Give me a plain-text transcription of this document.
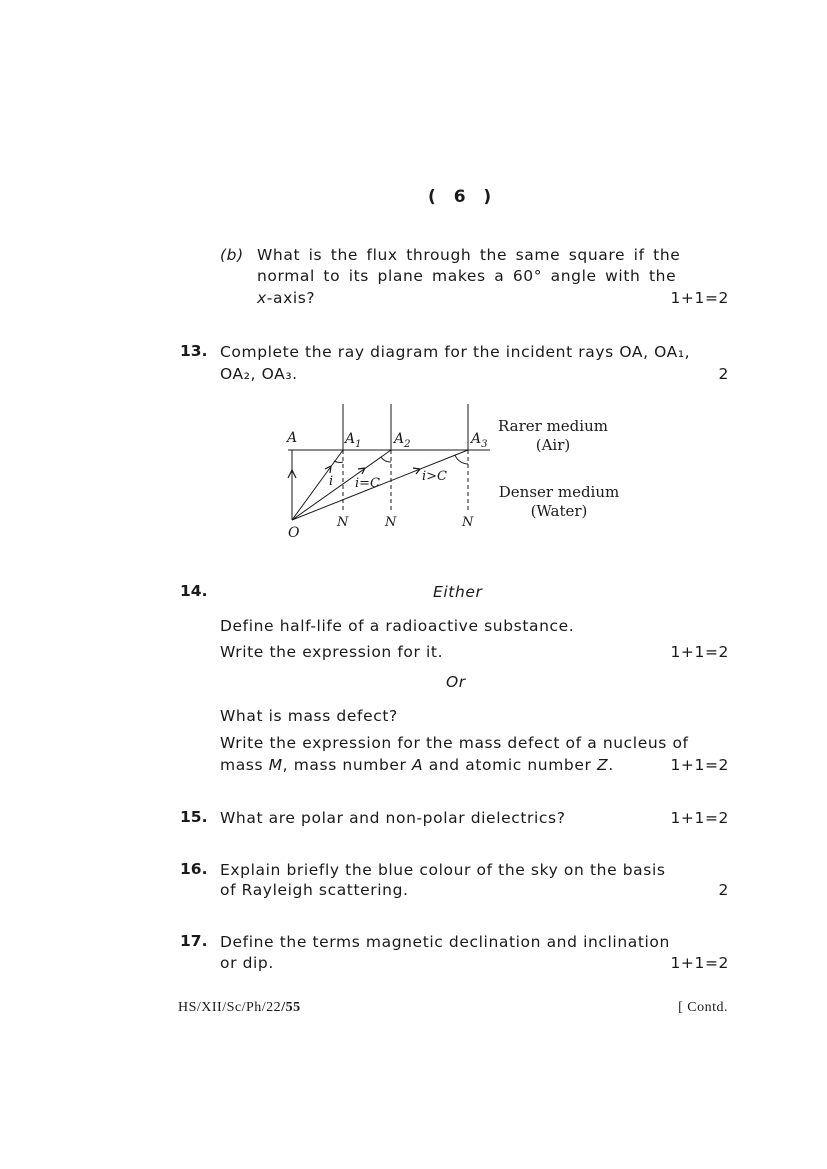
( 6 )
(b) What is the flux through the same square if the
normal to its plane makes a 60° angle with the
x-axis?	1+1=2
13. Complete the ray diagram for the incident rays OA, OA₁,
OA₂, OA₃.	2
A	$A_1$ $A_2$	$A_3$
O
N	N	N
i i=C	i>C
Rarer medium
(Air)
Denser medium
(Water)
14.	Either
Define half-life of a radioactive substance.
Write the expression for it.	1+1=2
Or
What is mass defect?
Write the expression for the mass defect of a nucleus of
mass M, mass number A and atomic number Z.	1+1=2
15. What are polar and non-polar dielectrics?	1+1=2
16. Explain briefly the blue colour of the sky on the basis
of Rayleigh scattering.	2
17. Define the terms magnetic declination and inclination
or dip.	1+1=2
HS/XII/Sc/Ph/22/55	[ Contd.
